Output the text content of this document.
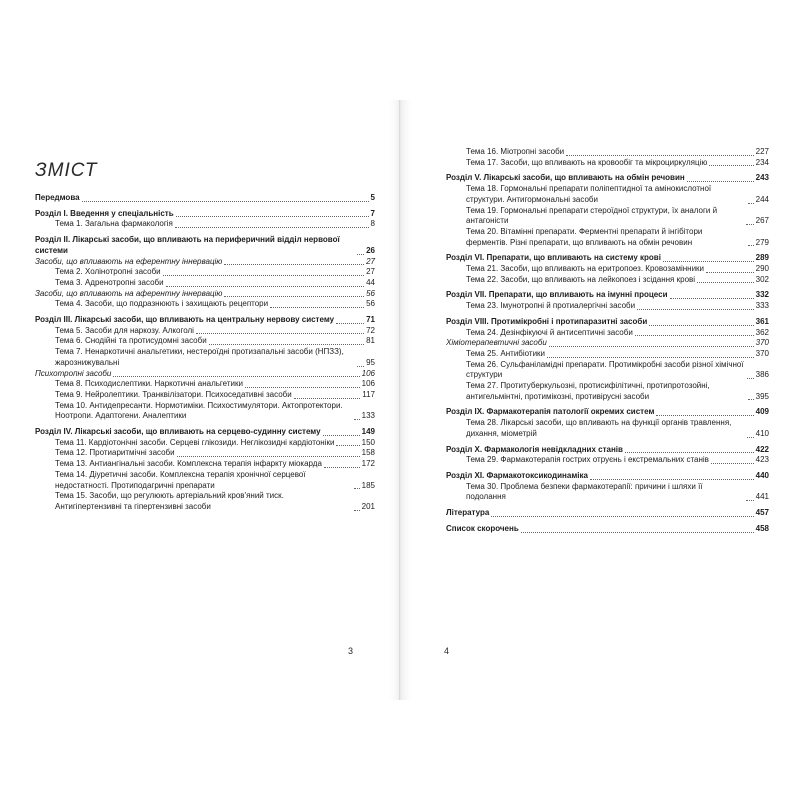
ЗМІСТ
Передмова	5
Розділ I. Введення у спеціальність	7
Тема 1. Загальна фармакологія	8
Розділ II. Лікарські засоби, що впливають на периферичний відділ нервової системи	26
Засоби, що впливають на еферентну іннервацію	27
Тема 2. Холінотропні засоби	27
Тема 3. Адренотропні засоби	44
Засоби, що впливають на аферентну іннервацію	56
Тема 4. Засоби, що подразнюють і захищають рецептори	56
Розділ III. Лікарські засоби, що впливають на центральну нервову систему	71
Тема 5. Засоби для наркозу. Алкоголі	72
Тема 6. Снодійні та протисудомні засоби	81
Тема 7. Ненаркотичні анальгетики, нестероїдні протизапальні засоби (НПЗЗ), жарознижувальні	95
Психотропні засоби	106
Тема 8. Психодислептики. Наркотичні анальгетики	106
Тема 9. Нейролептики. Транквілізатори. Психоседативні засоби	117
Тема 10. Антидепресанти. Нормотиміки. Психостимулятори. Актопротектори. Ноотропи. Адаптогени. Аналептики	133
Розділ IV. Лікарські засоби, що впливають на серцево-судинну систему	149
Тема 11. Кардіотонічні засоби. Серцеві глікозиди. Неглікозидні кардіотоніки	150
Тема 12. Протиаритмічні засоби	158
Тема 13. Антиангінальні засоби. Комплексна терапія інфаркту міокарда	172
Тема 14. Діуретичні засоби. Комплексна терапія хронічної серцевої недостатності. Протиподагричні препарати	185
Тема 15. Засоби, що регулюють артеріальний кров'яний тиск. Антигіпертензивні та гіпертензивні засоби	201
3
Тема 16. Міотропні засоби	227
Тема 17. Засоби, що впливають на кровообіг та мікроциркуляцію	234
Розділ V. Лікарські засоби, що впливають на обмін речовин	243
Тема 18. Гормональні препарати поліпептидної та амінокислотної структури. Антигормональні засоби	244
Тема 19. Гормональні препарати стероїдної структури, їх аналоги й антагоністи	267
Тема 20. Вітамінні препарати. Ферментні препарати й інгібітори ферментів. Різні препарати, що впливають на обмін речовин	279
Розділ VI. Препарати, що впливають на систему крові	289
Тема 21. Засоби, що впливають на еритропоез. Кровозамінники	290
Тема 22. Засоби, що впливають на лейкопоез і зсідання крові	302
Розділ VII. Препарати, що впливають на імунні процеси	332
Тема 23. Імунотропні й протиалергічні засоби	333
Розділ VIII. Протимікробні і протипаразитні засоби	361
Тема 24. Дезінфікуючі й антисептичні засоби	362
Хіміотерапевтичні засоби	370
Тема 25. Антибіотики	370
Тема 26. Сульфаніламідні препарати. Протимікробні засоби різної хімічної структури	386
Тема 27. Протитуберкульозні, протисифілітичні, протипротозойні, антигельмінтні, протимікозні, противірусні засоби	395
Розділ IX. Фармакотерапія патології окремих систем	409
Тема 28. Лікарські засоби, що впливають на функції органів травлення, дихання, міометрій	410
Розділ X. Фармакологія невідкладних станів	422
Тема 29. Фармакотерапія гострих отруєнь і екстремальних станів	423
Розділ XI. Фармакотоксикодинаміка	440
Тема 30. Проблема безпеки фармакотерапії: причини і шляхи її подолання	441
Література	457
Список скорочень	458
4
